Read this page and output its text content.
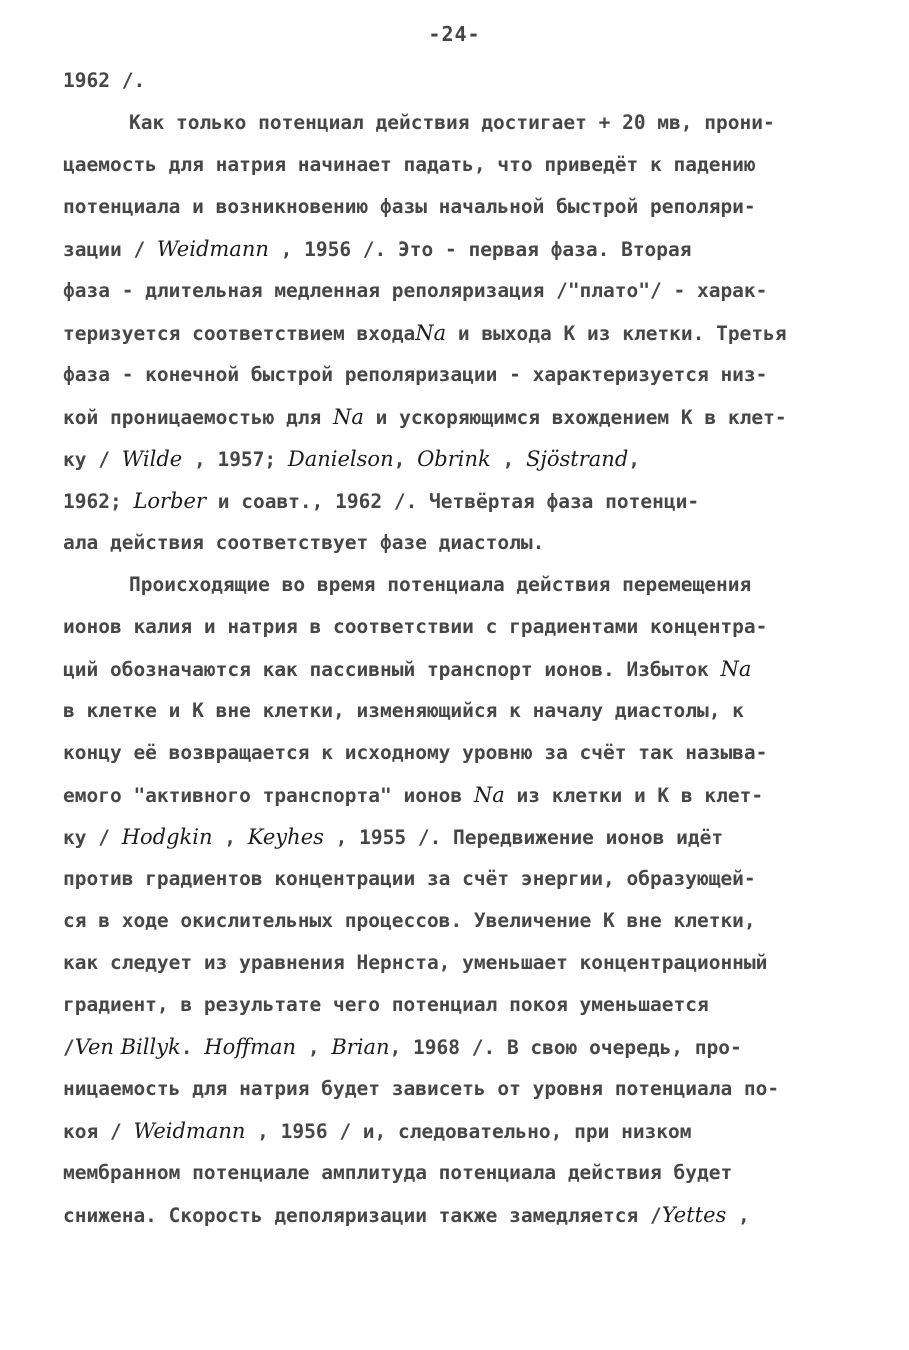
-24-
1962 /.
Как только потенциал действия достигает + 20 мв, прони-
цаемость для натрия начинает падать, что приведёт к падению
потенциала и возникновению фазы начальной быстрой реполяри-
зации / Weidmann , 1956 /. Это - первая фаза. Вторая
фаза - длительная медленная реполяризация /"плато"/ - харак-
теризуется соответствием входаNa и выхода К из клетки. Третья
фаза - конечной быстрой реполяризации - характеризуется низ-
кой проницаемостью для Na и ускоряющимся вхождением К в клет-
ку / Wilde , 1957; Danielson, Obrink , Sjöstrand,
1962; Lorber и соавт., 1962 /. Четвёртая фаза потенци-
ала действия соответствует фазе диастолы.
Происходящие во время потенциала действия перемещения
ионов калия и натрия в соответствии с градиентами концентра-
ций обозначаются как пассивный транспорт ионов. Избыток Na
в клетке и К вне клетки, изменяющийся к началу диастолы, к
концу её возвращается к исходному уровню за счёт так называ-
емого "активного транспорта" ионов Na из клетки и К в клет-
ку / Hodgkin , Keyhes , 1955 /. Передвижение ионов идёт
против градиентов концентрации за счёт энергии, образующей-
ся в ходе окислительных процессов. Увеличение К вне клетки,
как следует из уравнения Нернста, уменьшает концентрационный
градиент, в результате чего потенциал покоя уменьшается
/Ven Billyk. Hoffman , Brian, 1968 /. В свою очередь, про-
ницаемость для натрия будет зависеть от уровня потенциала по-
коя / Weidmann , 1956 / и, следовательно, при низком
мембранном потенциале амплитуда потенциала действия будет
снижена. Скорость деполяризации также замедляется /Yettes ,
